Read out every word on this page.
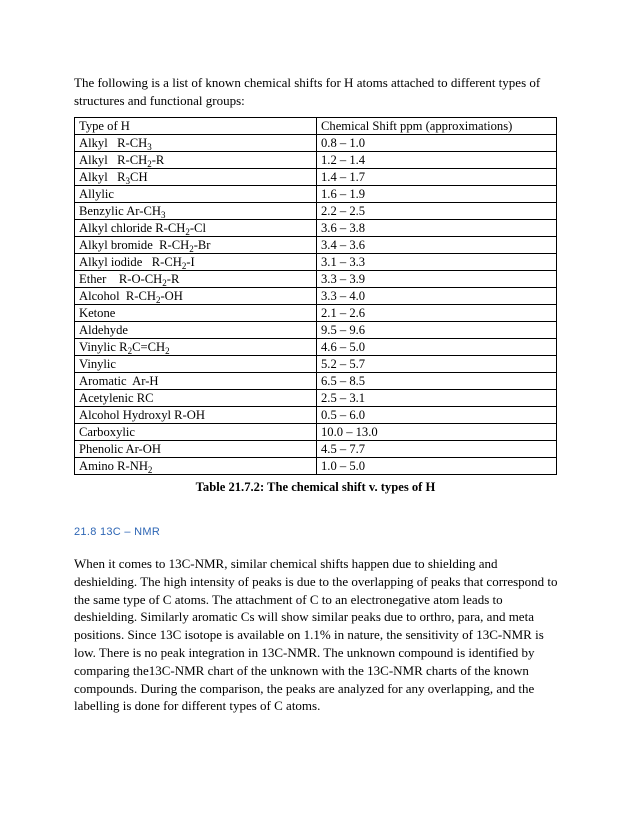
The following is a list of known chemical shifts for H atoms attached to different types of structures and functional groups:
Type of H	Chemical Shift ppm (approximations)
Alkyl   $R-CH_3$	0.8 – 1.0
Alkyl   $R-CH_2-R$	1.2 – 1.4
Alkyl   $R_3CH$	1.4 – 1.7
Allylic	1.6 – 1.9
Benzylic $Ar-CH_3$	2.2 – 2.5
Alkyl chloride $R-CH_2-Cl$	3.6 – 3.8
Alkyl bromide  $R-CH_2-Br$	3.4 – 3.6
Alkyl iodide   $R-CH_2-I$	3.1 – 3.3
Ether    $R-O-CH_2-R$	3.3 – 3.9
Alcohol  $R-CH_2-OH$	3.3 – 4.0
Ketone	2.1 – 2.6
Aldehyde	9.5 – 9.6
Vinylic $R_2C=CH_2$	4.6 – 5.0
Vinylic	5.2 – 5.7
Aromatic  Ar-H	6.5 – 8.5
Acetylenic RC	2.5 – 3.1
Alcohol Hydroxyl R-OH	0.5 – 6.0
Carboxylic	10.0 – 13.0
Phenolic Ar-OH	4.5 – 7.7
Amino $R-NH_2$	1.0 – 5.0
Table 21.7.2: The chemical shift v. types of H
21.8 13C – NMR
When it comes to 13C-NMR, similar chemical shifts happen due to shielding and deshielding. The high intensity of peaks is due to the overlapping of peaks that correspond to the same type of C atoms. The attachment of C to an electronegative atom leads to deshielding. Similarly aromatic Cs will show similar peaks due to orthro, para, and meta positions. Since 13C isotope is available on 1.1% in nature, the sensitivity of 13C-NMR is low. There is no peak integration in 13C-NMR. The unknown compound is identified by comparing the13C-NMR chart of the unknown with the 13C-NMR charts of the known compounds. During the comparison, the peaks are analyzed for any overlapping, and the labelling is done for different types of C atoms.
